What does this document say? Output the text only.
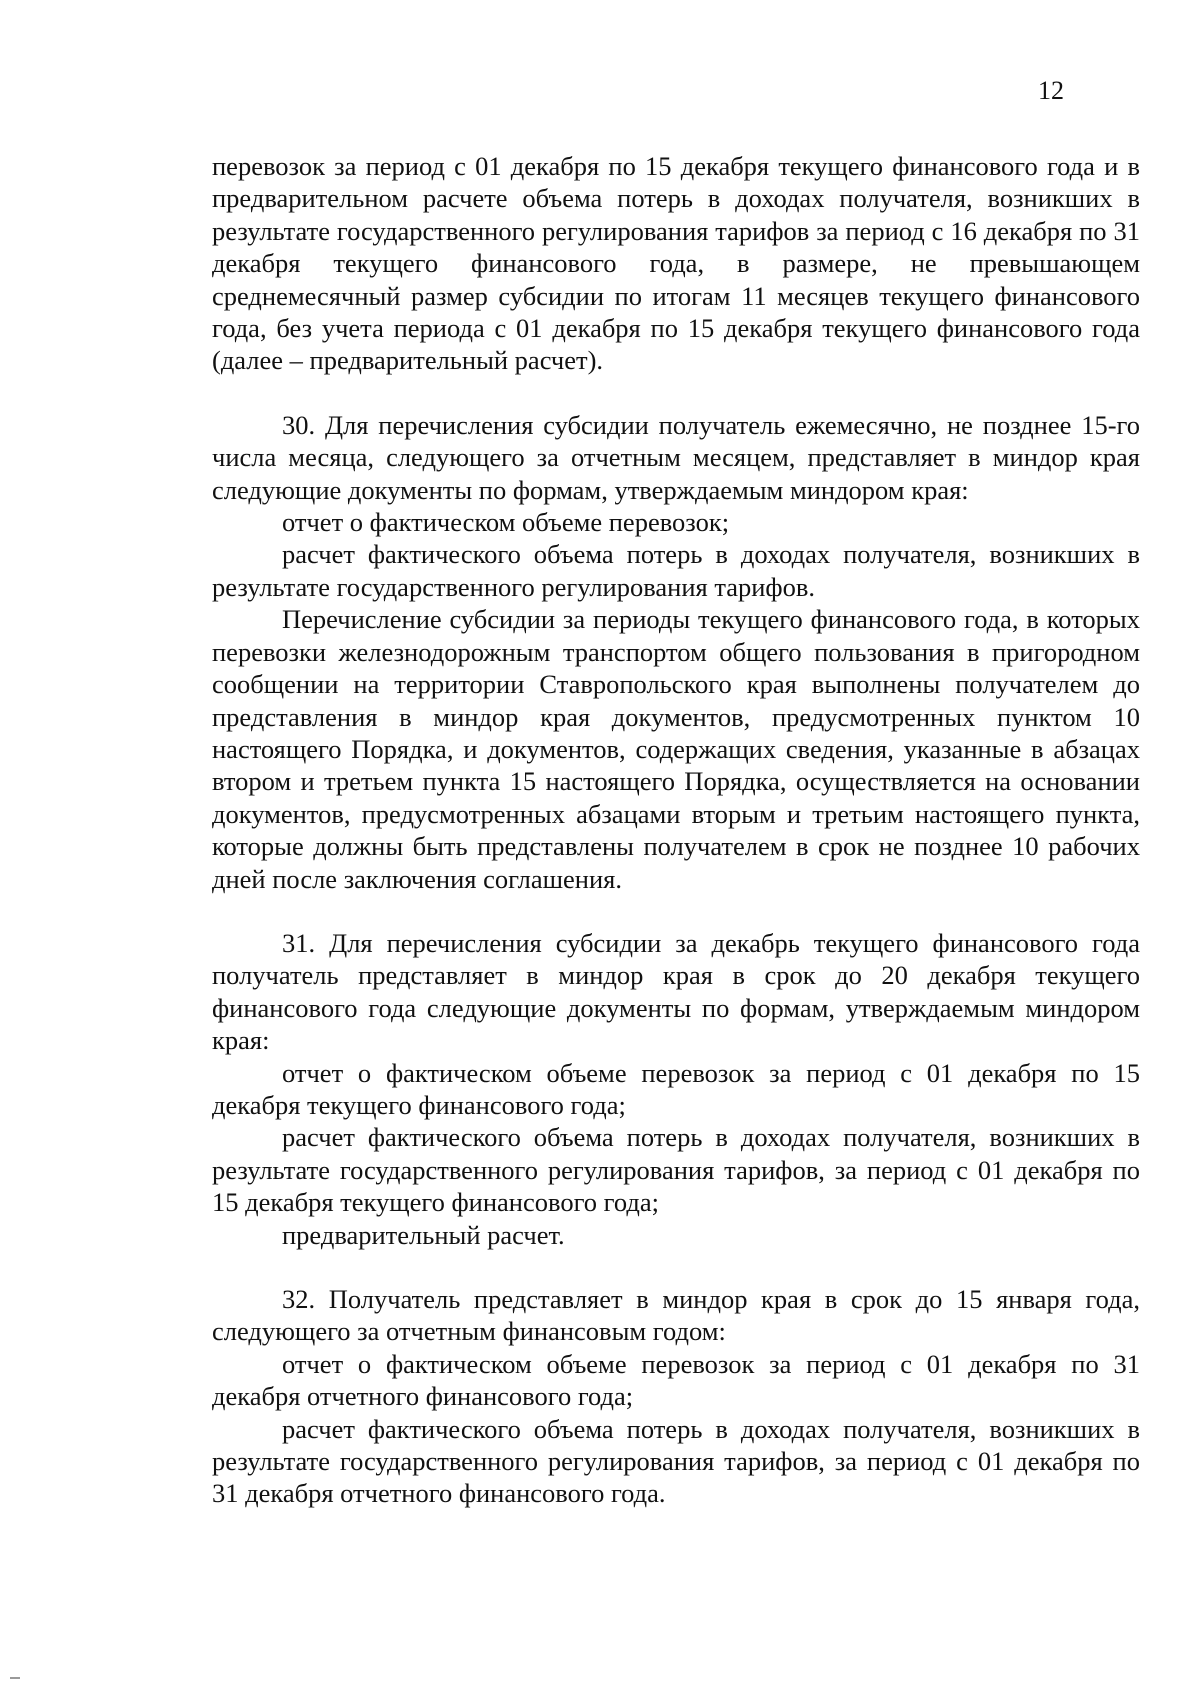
12

перевозок за период с 01 декабря по 15 декабря текущего финансового года и в предварительном расчете объема потерь в доходах получателя, возникших в результате государственного регулирования тарифов за период с 16 декабря по 31 декабря текущего финансового года, в размере, не превышающем среднемесячный размер субсидии по итогам 11 месяцев текущего финансового года, без учета периода с 01 декабря по 15 декабря текущего финансового года (далее – предварительный расчет).

30. Для перечисления субсидии получатель ежемесячно, не позднее 15-го числа месяца, следующего за отчетным месяцем, представляет в миндор края следующие документы по формам, утверждаемым миндором края:

отчет о фактическом объеме перевозок;

расчет фактического объема потерь в доходах получателя, возникших в результате государственного регулирования тарифов.

Перечисление субсидии за периоды текущего финансового года, в которых перевозки железнодорожным транспортом общего пользования в пригородном сообщении на территории Ставропольского края выполнены получателем до представления в миндор края документов, предусмотренных пунктом 10 настоящего Порядка, и документов, содержащих сведения, указанные в абзацах втором и третьем пункта 15 настоящего Порядка, осуществляется на основании документов, предусмотренных абзацами вторым и третьим настоящего пункта, которые должны быть представлены получателем в срок не позднее 10 рабочих дней после заключения соглашения.

31. Для перечисления субсидии за декабрь текущего финансового года получатель представляет в миндор края в срок до 20 декабря текущего финансового года следующие документы по формам, утверждаемым миндором края:

отчет о фактическом объеме перевозок за период с 01 декабря по 15 декабря текущего финансового года;

расчет фактического объема потерь в доходах получателя, возникших в результате государственного регулирования тарифов, за период с 01 декабря по 15 декабря текущего финансового года;

предварительный расчет.

32. Получатель представляет в миндор края в срок до 15 января года, следующего за отчетным финансовым годом:

отчет о фактическом объеме перевозок за период с 01 декабря по 31 декабря отчетного финансового года;

расчет фактического объема потерь в доходах получателя, возникших в результате государственного регулирования тарифов, за период с 01 декабря по 31 декабря отчетного финансового года.
